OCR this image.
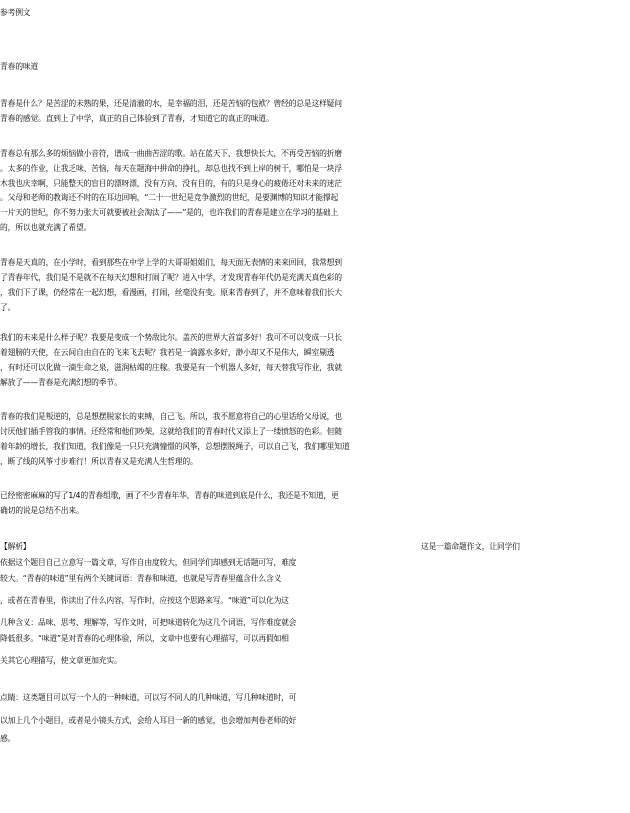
参考例文
青春的味道
青春是什么？是苦涩的未熟的果，还是清澈的水，是幸福的泪，还是苦恼的包袱？曾经的总是这样疑问
青春的感觉。直到上了中学，真正的自己体验到了青春，才知道它的真正的味道。
青春总有那么多的烦恼做小音符，谱成一曲曲苦涩的歌。站在蓝天下，我想快长大，不再受苦恼的折磨
。太多的作业，让我乏味、苦恼，每天在题海中拼命的挣扎，却总也找不到上岸的树干，哪怕是一块浮
木我也庆幸啊，只能整天的盲目的漂呀漂，没有方向，没有目的，有的只是身心的疲倦还对未来的迷茫
。父母和老师的教诲还不时的在耳边回响，“二十一世纪是竞争激烈的世纪，是要渊博的知识才能撑起
一片天的世纪，你不努力张大可就要被社会淘汰了——”是的，也许我们的青春是建立在学习的基础上
的，所以也就充满了希望。
青春是天真的，在小学时，看到那些在中学上学的大哥哥姐姐们，每天面无表情的来来回回，我常想到
了青春年代，我们是不是就不在每天幻想和打闹了呢？进入中学，才发现青春年代仍是充满天真色彩的
，我们下了课，仍经常在一起幻想，看漫画，打闹，丝毫没有变。原来青春到了，并不意味着我们长大
了。
我们的未来是什么样子呢？我要是变成一个势敌比尔。盖茨的世界大首富多好！我可不可以变成一只长
着翅膀的天使，在云间自由自在的飞来飞去呢？我若是一滴露水多好，渺小却又不是伟大，瞬室剔透
，有时还可以化做一滴生命之泉，滋润枯竭的庄稼。我要是有一个机器人多好，每天替我写作业，我就
解放了——青春是充满幻想的季节。
青春的我们是叛逆的，总是想摆脱家长的束缚，自己飞。所以，我不愿意将自己的心里话给父母说，也
讨厌他们插手管我的事情。还经常和他们吵架，这就给我们的青春时代又添上了一缕愤怒的色彩。但随
着年龄的增长，我们知道，我们像是一只只充满憧憬的风筝，总想摆脱绳子，可以自己飞，我们哪里知道
，断了线的风筝寸步难行！所以青春又是充满人生哲理的。
已经密密麻麻的写了1/4的青春组歌，画了不少青春年华，青春的味道到底是什么，我还是不知道，更
确切的说是总结不出来。
【解析】	这是一篇命题作文，让同学们
依据这个题目自己立意写一篇文章，写作自由度较大，但同学们却感到无话题可写，难度
较大。“青春的味道”里有两个关键词语：青春和味道，也就是写青春里蕴含什么含义
，或者在青春里，你读出了什么内容，写作时，应按这个思路来写。“味道”可以化为这
几种含义：品味、思考、理解等，写作文时，可把味道转化为这几个词语，写作难度就会
降低很多。“味道”是对青春的心理体验，所以，文章中也要有心理描写，可以再假如相
关其它心理描写，使文章更加充实。
点睛：这类题目可以写一个人的一种味道，可以写不同人的几种味道，写几种味道时，可
以加上几个小题目，或者是小镜头方式，会给人耳目一新的感觉，也会增加判卷老师的好
感。
